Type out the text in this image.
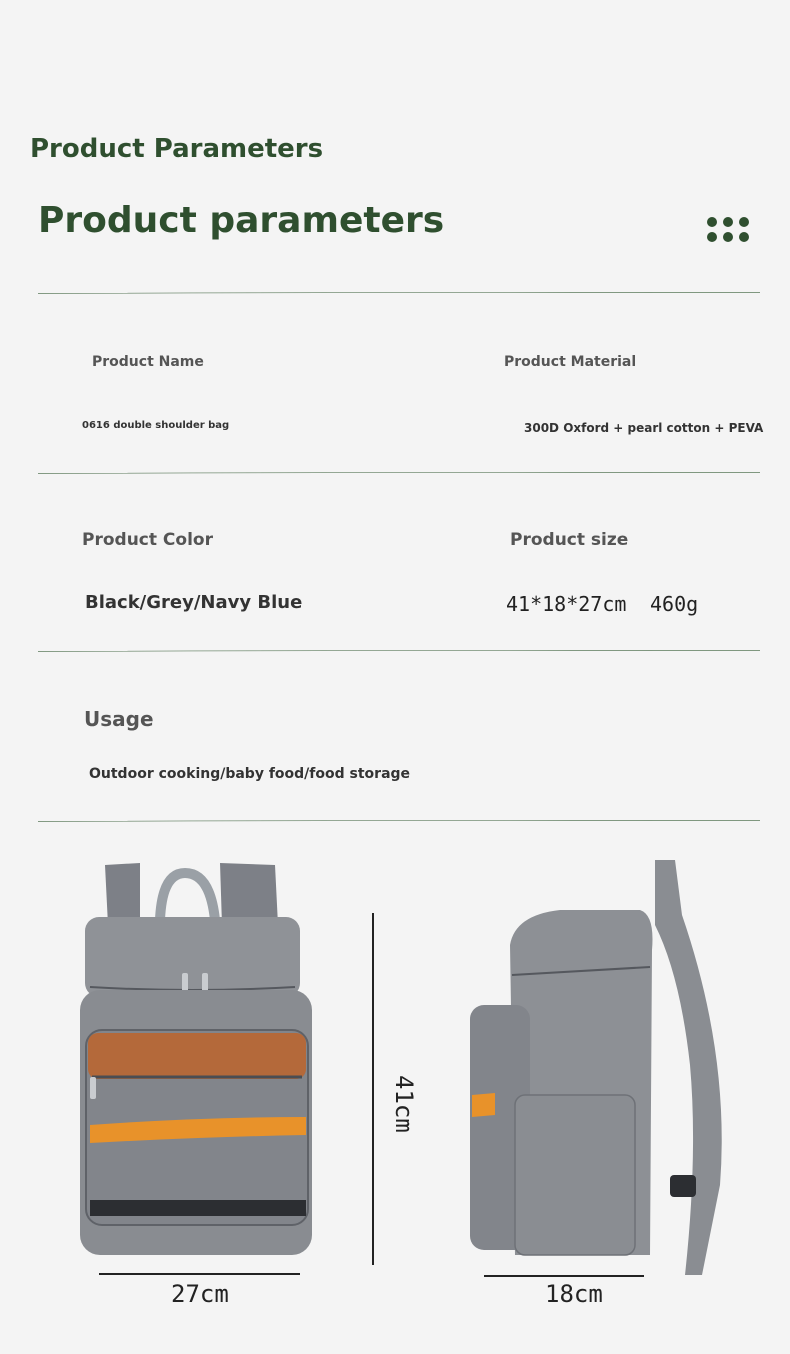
Product Parameters
Product parameters
Product Name	Product Material
0616 double shoulder bag	300D Oxford + pearl cotton + PEVA
Product Color	Product size
Black/Grey/Navy Blue	41*18*27cm 460g
Usage
Outdoor cooking/baby food/food storage
41cm
27cm	18cm
